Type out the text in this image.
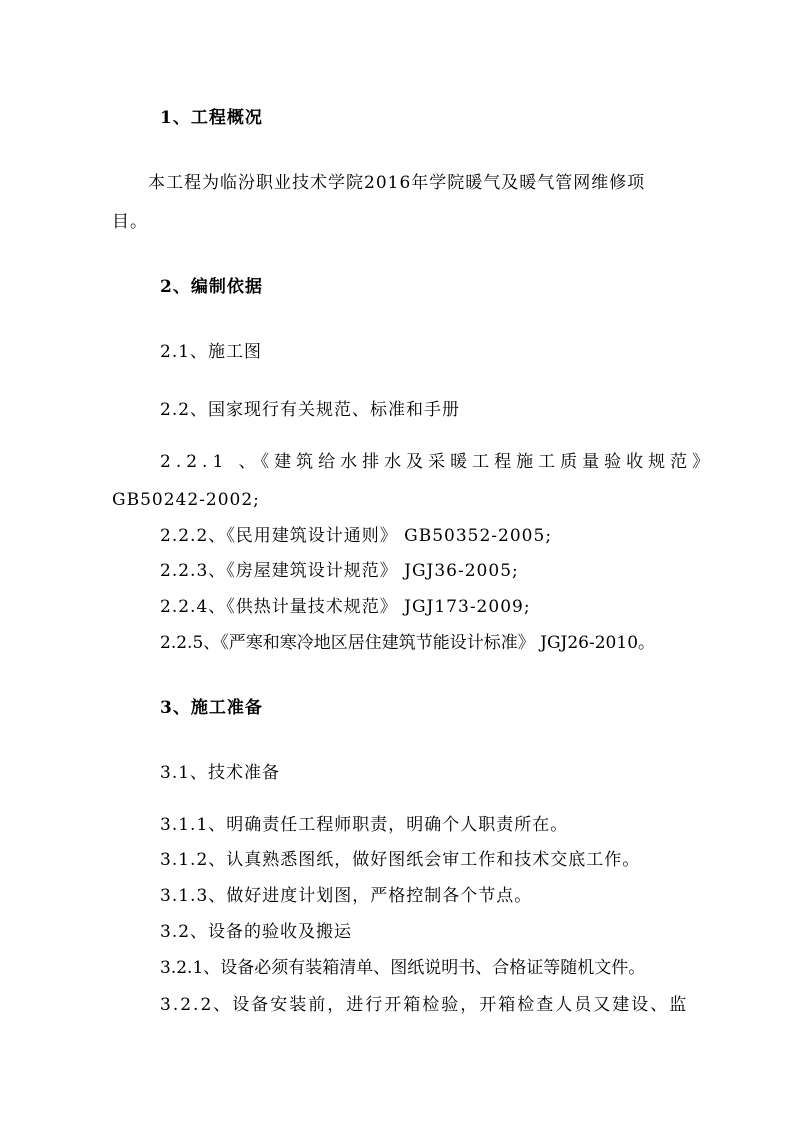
1、工程概况
本工程为临汾职业技术学院2016年学院暖气及暖气管网维修项
目。
2、编制依据
2.1、施工图
2.2、国家现行有关规范、标准和手册
2.2.1 、《建筑给水排水及采暖工程施工质量验收规范》
GB50242-2002;
2.2.2、《民用建筑设计通则》 GB50352-2005;
2.2.3、《房屋建筑设计规范》 JGJ36-2005;
2.2.4、《供热计量技术规范》 JGJ173-2009;
2.2.5、《严寒和寒冷地区居住建筑节能设计标准》 JGJ26-2010。
3、施工准备
3.1、技术准备
3.1.1、明确责任工程师职责，明确个人职责所在。
3.1.2、认真熟悉图纸，做好图纸会审工作和技术交底工作。
3.1.3、做好进度计划图，严格控制各个节点。
3.2、设备的验收及搬运
3.2.1、设备必须有装箱清单、图纸说明书、合格证等随机文件。
3.2.2、设备安装前，进行开箱检验，开箱检查人员又建设、监
